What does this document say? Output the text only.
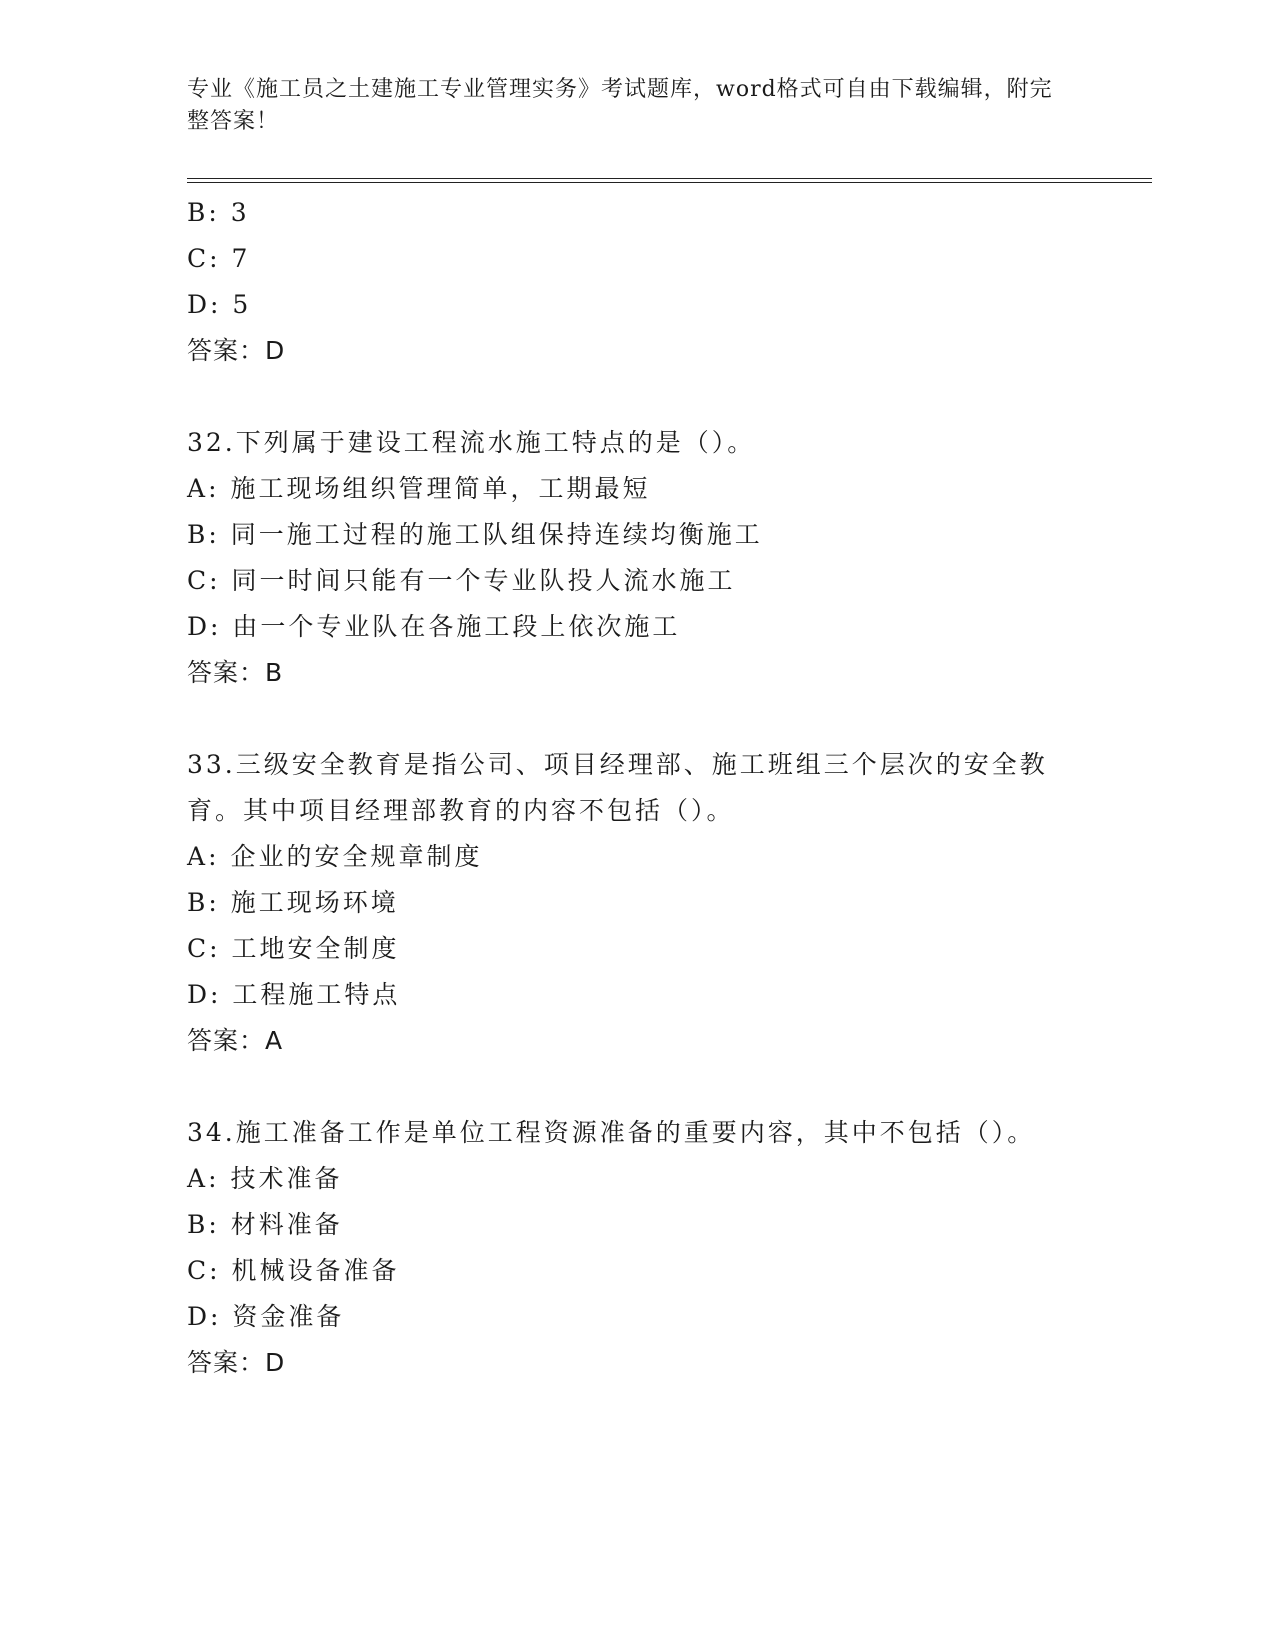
专业《施工员之土建施工专业管理实务》考试题库，word格式可自由下载编辑，附完整答案！
B: 3
C: 7
D: 5
答案：D
32.下列属于建设工程流水施工特点的是（）。
A: 施工现场组织管理简单，工期最短
B: 同一施工过程的施工队组保持连续均衡施工
C: 同一时间只能有一个专业队投人流水施工
D: 由一个专业队在各施工段上依次施工
答案：B
33.三级安全教育是指公司、项目经理部、施工班组三个层次的安全教
育。其中项目经理部教育的内容不包括（）。
A: 企业的安全规章制度
B: 施工现场环境
C: 工地安全制度
D: 工程施工特点
答案：A
34.施工准备工作是单位工程资源准备的重要内容，其中不包括（）。
A: 技术准备
B: 材料准备
C: 机械设备准备
D: 资金准备
答案：D
